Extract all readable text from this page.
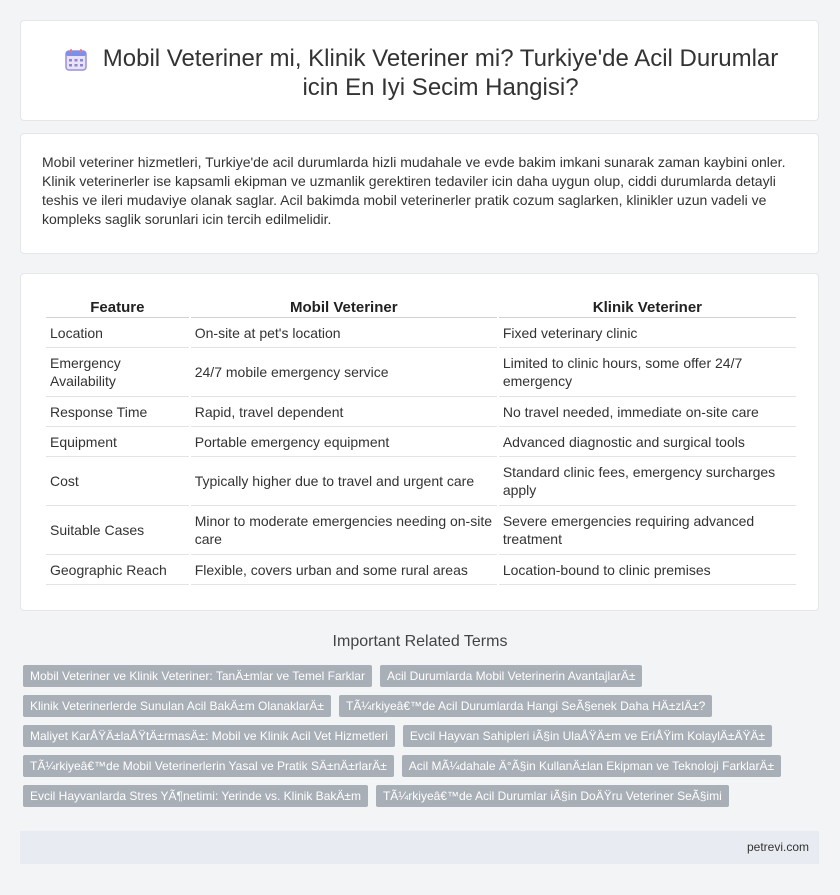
Mobil Veteriner mi, Klinik Veteriner mi? Turkiye'de Acil Durumlar icin En Iyi Secim Hangisi?

Mobil veteriner hizmetleri, Turkiye'de acil durumlarda hizli mudahale ve evde bakim imkani sunarak zaman kaybini onler. Klinik veterinerler ise kapsamli ekipman ve uzmanlik gerektiren tedaviler icin daha uygun olup, ciddi durumlarda detayli teshis ve ileri mudaviye olanak saglar. Acil bakimda mobil veterinerler pratik cozum saglarken, klinikler uzun vadeli ve kompleks saglik sorunlari icin tercih edilmelidir.

Feature	Mobil Veteriner	Klinik Veteriner
Location	On-site at pet's location	Fixed veterinary clinic
Emergency Availability	24/7 mobile emergency service	Limited to clinic hours, some offer 24/7 emergency
Response Time	Rapid, travel dependent	No travel needed, immediate on-site care
Equipment	Portable emergency equipment	Advanced diagnostic and surgical tools
Cost	Typically higher due to travel and urgent care	Standard clinic fees, emergency surcharges apply
Suitable Cases	Minor to moderate emergencies needing on-site care	Severe emergencies requiring advanced treatment
Geographic Reach	Flexible, covers urban and some rural areas	Location-bound to clinic premises
Important Related Terms
Mobil Veteriner ve Klinik Veteriner: TanÄ±mlar ve Temel Farklar	Acil Durumlarda Mobil Veterinerin AvantajlarÄ±
Klinik Veterinerlerde Sunulan Acil BakÄ±m OlanaklarÄ±	TÃ¼rkiyeâ€™de Acil Durumlarda Hangi SeÃ§enek Daha HÄ±zlÄ±?
Maliyet KarÅŸÄ±laÅŸtÄ±rmasÄ±: Mobil ve Klinik Acil Vet Hizmetleri	Evcil Hayvan Sahipleri iÃ§in UlaÅŸÄ±m ve EriÅŸim KolaylÄ±ÄŸÄ±
TÃ¼rkiyeâ€™de Mobil Veterinerlerin Yasal ve Pratik SÄ±nÄ±rlarÄ±	Acil MÃ¼dahale Ä°Ã§in KullanÄ±lan Ekipman ve Teknoloji FarklarÄ±
Evcil Hayvanlarda Stres YÃ¶netimi: Yerinde vs. Klinik BakÄ±m	TÃ¼rkiyeâ€™de Acil Durumlar iÃ§in DoÄŸru Veteriner SeÃ§imi
petrevi.com
